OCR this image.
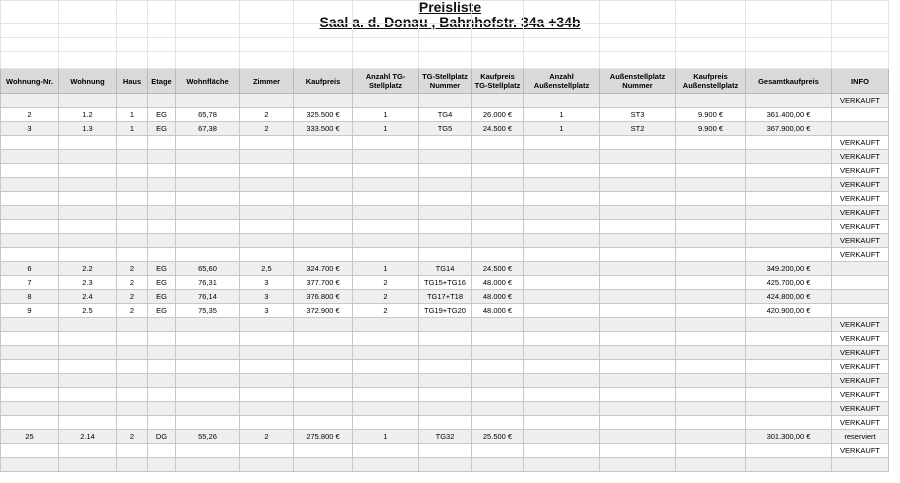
Preisliste
Saal a. d. Donau , Bahnhofstr. 34a +34b

Wohnung-Nr.	Wohnung	Haus	Etage	Wohnfläche	Zimmer	Kaufpreis	Anzahl TG-Stellplatz	TG-Stellplatz Nummer	Kaufpreis TG-Stellplatz	Anzahl Außenstellplatz	Außenstellplatz Nummer	Kaufpreis Außenstellplatz	Gesamtkaufpreis	INFO
														VERKAUFT
2	1.2	1	EG	65,78	2	325.500 €	1	TG4	26.000 €	1	ST3	9.900 €	361.400,00 €	
3	1.3	1	EG	67,38	2	333.500 €	1	TG5	24.500 €	1	ST2	9.900 €	367.900,00 €	
														VERKAUFT
														VERKAUFT
														VERKAUFT
														VERKAUFT
														VERKAUFT
														VERKAUFT
														VERKAUFT
														VERKAUFT
														VERKAUFT
6	2.2	2	EG	65,60	2,5	324.700 €	1	TG14	24.500 €				349.200,00 €	
7	2.3	2	EG	76,31	3	377.700 €	2	TG15+TG16	48.000 €				425.700,00 €	
8	2.4	2	EG	76,14	3	376.800 €	2	TG17+T18	48.000 €				424.800,00 €	
9	2.5	2	EG	75,35	3	372.900 €	2	TG19+TG20	48.000 €				420.900,00 €	
														VERKAUFT
														VERKAUFT
														VERKAUFT
														VERKAUFT
														VERKAUFT
														VERKAUFT
														VERKAUFT
														VERKAUFT
25	2.14	2	DG	55,26	2	275.800 €	1	TG32	25.500 €				301.300,00 €	reserviert
														VERKAUFT
